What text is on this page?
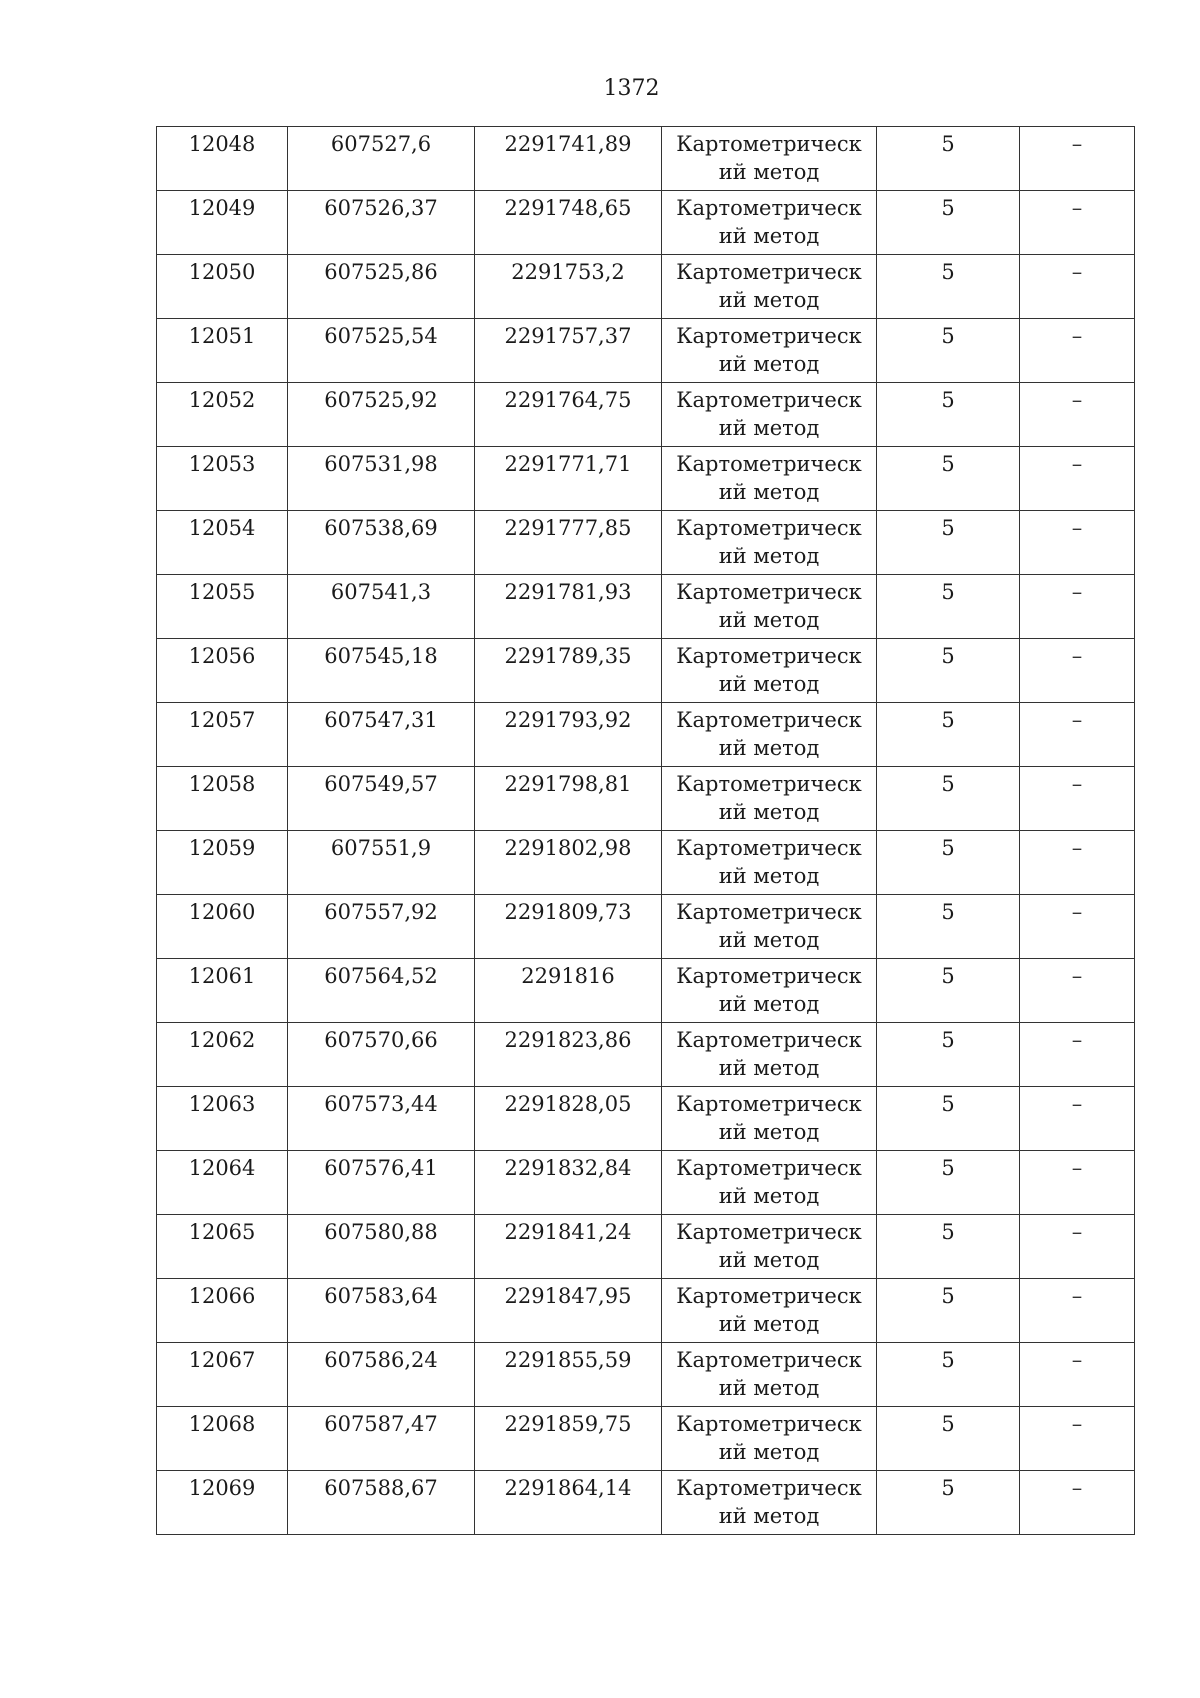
1372
12048	607527,6	2291741,89	Картометрический метод	5	–
12049	607526,37	2291748,65	Картометрический метод	5	–
12050	607525,86	2291753,2	Картометрический метод	5	–
12051	607525,54	2291757,37	Картометрический метод	5	–
12052	607525,92	2291764,75	Картометрический метод	5	–
12053	607531,98	2291771,71	Картометрический метод	5	–
12054	607538,69	2291777,85	Картометрический метод	5	–
12055	607541,3	2291781,93	Картометрический метод	5	–
12056	607545,18	2291789,35	Картометрический метод	5	–
12057	607547,31	2291793,92	Картометрический метод	5	–
12058	607549,57	2291798,81	Картометрический метод	5	–
12059	607551,9	2291802,98	Картометрический метод	5	–
12060	607557,92	2291809,73	Картометрический метод	5	–
12061	607564,52	2291816	Картометрический метод	5	–
12062	607570,66	2291823,86	Картометрический метод	5	–
12063	607573,44	2291828,05	Картометрический метод	5	–
12064	607576,41	2291832,84	Картометрический метод	5	–
12065	607580,88	2291841,24	Картометрический метод	5	–
12066	607583,64	2291847,95	Картометрический метод	5	–
12067	607586,24	2291855,59	Картометрический метод	5	–
12068	607587,47	2291859,75	Картометрический метод	5	–
12069	607588,67	2291864,14	Картометрический метод	5	–
